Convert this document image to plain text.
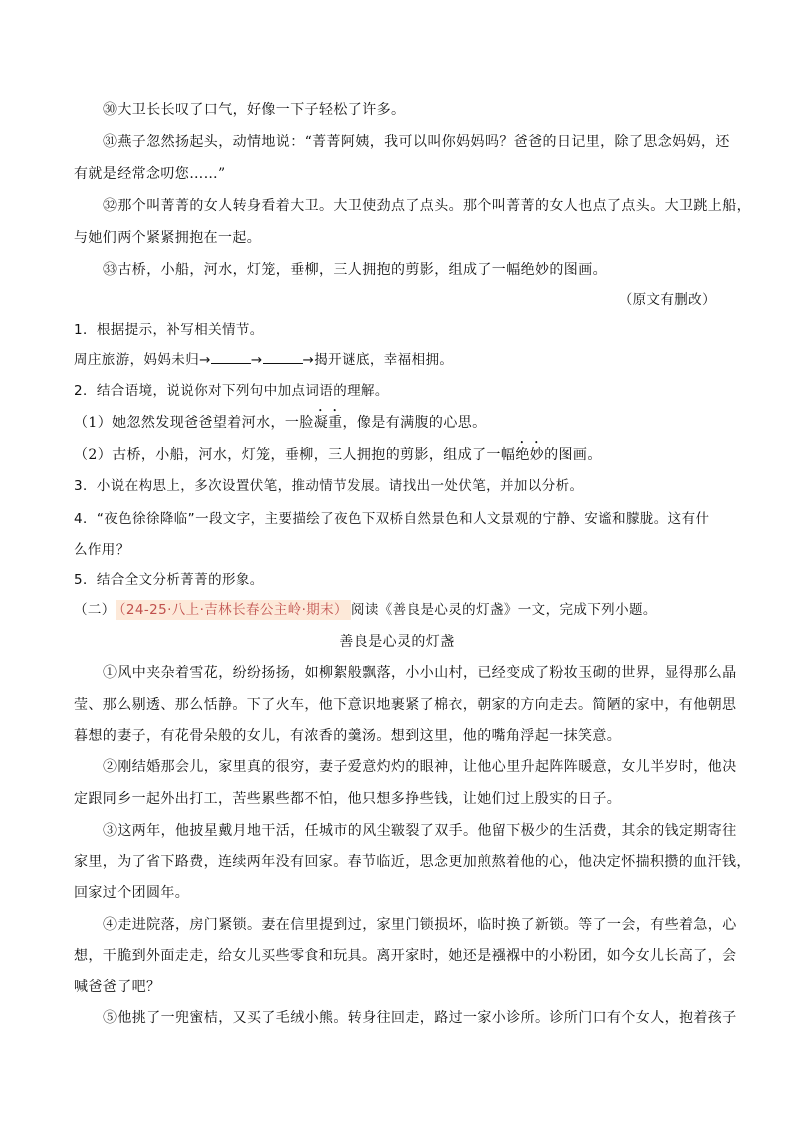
㉚大卫长长叹了口气，好像一下子轻松了许多。
㉛燕子忽然扬起头，动情地说：“菁菁阿姨，我可以叫你妈妈吗？爸爸的日记里，除了思念妈妈，还
有就是经常念叨您……”
㉜那个叫菁菁的女人转身看着大卫。大卫使劲点了点头。那个叫菁菁的女人也点了点头。大卫跳上船，
与她们两个紧紧拥抱在一起。
㉝古桥，小船，河水，灯笼，垂柳，三人拥抱的剪影，组成了一幅绝妙的图画。
（原文有删改）
1．根据提示，补写相关情节。
周庄旅游，妈妈未归→	→	→揭开谜底，幸福相拥。
2．结合语境，说说你对下列句中加点词语的理解。
（1）她忽然发现爸爸望着河水，一脸凝重，像是有满腹的心思。
（2）古桥，小船，河水，灯笼，垂柳，三人拥抱的剪影，组成了一幅绝妙的图画。
3．小说在构思上，多次设置伏笔，推动情节发展。请找出一处伏笔，并加以分析。
4．“夜色徐徐降临”一段文字，主要描绘了夜色下双桥自然景色和人文景观的宁静、安谧和朦胧。这有什
么作用？
5．结合全文分析菁菁的形象。
（二） （24-25·八上·吉林长春公主岭·期末） 阅读《善良是心灵的灯盏》一文，完成下列小题。
善良是心灵的灯盏
①风中夹杂着雪花，纷纷扬扬，如柳絮般飘落，小小山村，已经变成了粉妆玉砌的世界，显得那么晶
莹、那么剔透、那么恬静。下了火车，他下意识地裹紧了棉衣，朝家的方向走去。简陋的家中，有他朝思
暮想的妻子，有花骨朵般的女儿，有浓香的羹汤。想到这里，他的嘴角浮起一抹笑意。
②刚结婚那会儿，家里真的很穷，妻子爱意灼灼的眼神，让他心里升起阵阵暖意，女儿半岁时，他决
定跟同乡一起外出打工，苦些累些都不怕，他只想多挣些钱，让她们过上殷实的日子。
③这两年，他披星戴月地干活，任城市的风尘皲裂了双手。他留下极少的生活费，其余的钱定期寄往
家里，为了省下路费，连续两年没有回家。春节临近，思念更加煎熬着他的心，他决定怀揣积攒的血汗钱，
回家过个团圆年。
④走进院落，房门紧锁。妻在信里提到过，家里门锁损坏，临时换了新锁。等了一会，有些着急，心
想，干脆到外面走走，给女儿买些零食和玩具。离开家时，她还是襁褓中的小粉团，如今女儿长高了，会
喊爸爸了吧？
⑤他挑了一兜蜜桔，又买了毛绒小熊。转身往回走，路过一家小诊所。诊所门口有个女人，抱着孩子
